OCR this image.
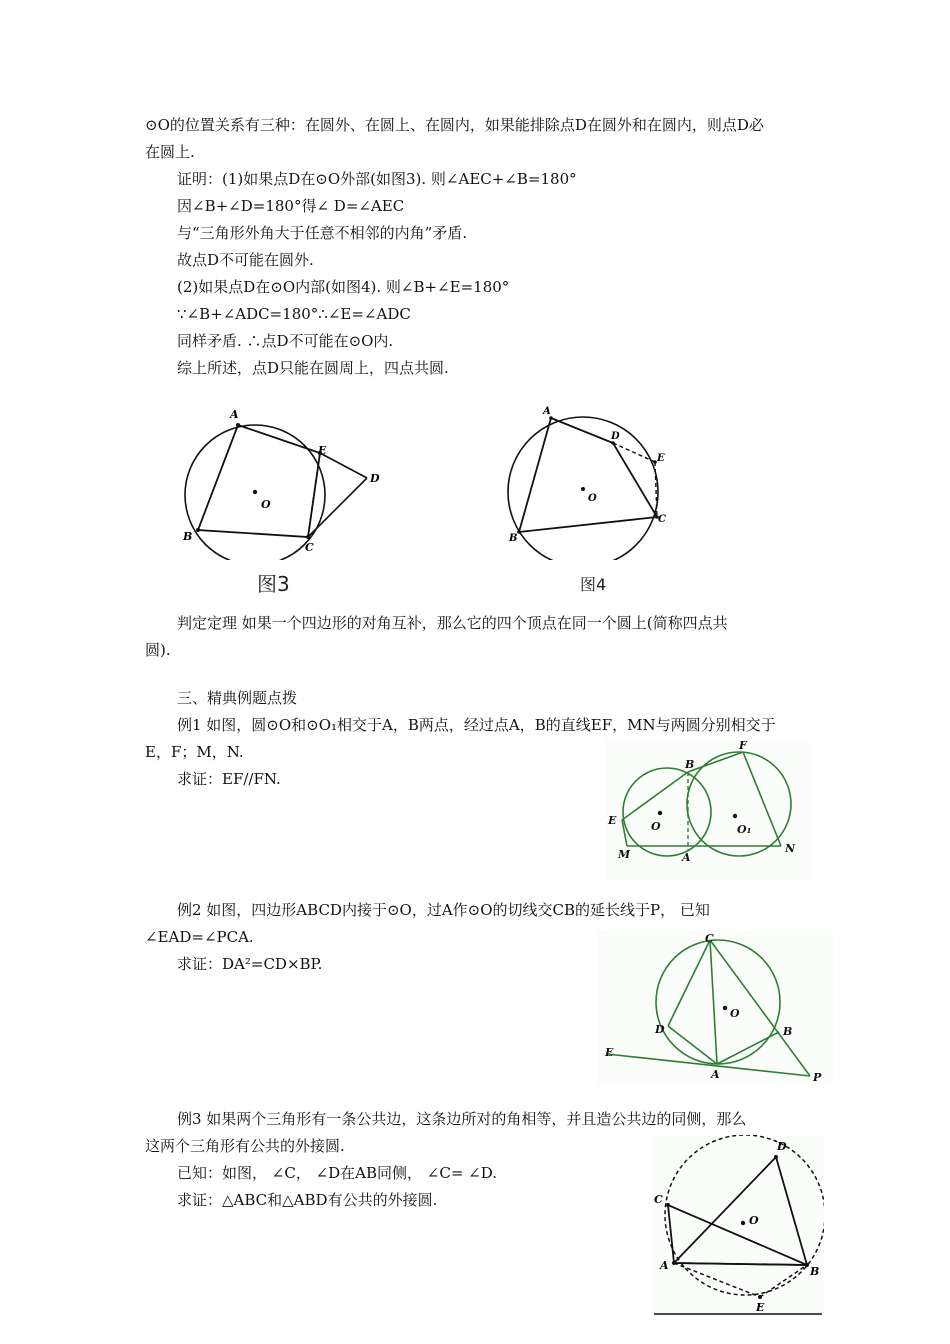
⊙O的位置关系有三种：在圆外、在圆上、在圆内，如果能排除点D在圆外和在圆内，则点D必
在圆上.
证明：(1)如果点D在⊙O外部(如图3). 则∠AEC+∠B=180°
因∠B+∠D=180°得∠ D=∠AEC
与“三角形外角大于任意不相邻的内角”矛盾.
故点D不可能在圆外.
(2)如果点D在⊙O内部(如图4). 则∠B+∠E=180°
∵∠B+∠ADC=180°∴∠E=∠ADC
同样矛盾. ∴点D不可能在⊙O内.
综上所述，点D只能在圆周上，四点共圆.
A
B
C
D
E
O
图3
A
B
C
D
E
O
图4
判定定理 如果一个四边形的对角互补，那么它的四个顶点在同一个圆上(简称四点共
圆).
三、精典例题点拨
例1 如图，圆⊙O和⊙O₁相交于A，B两点，经过点A，B的直线EF，MN与两圆分别相交于
E，F；M，N.
求证：EF//FN.
B
F
E
M	A
N
O	O₁
例2 如图，四边形ABCD内接于⊙O，过A作⊙O的切线交CB的延长线于P， 已知
∠EAD=∠PCA.
求证：DA²=CD×BP.
C
D	B
A
E
P
O
例3 如果两个三角形有一条公共边，这条边所对的角相等，并且造公共边的同侧，那么
这两个三角形有公共的外接圆.
已知：如图， ∠C， ∠D在AB同侧， ∠C= ∠D.
求证：△ABC和△ABD有公共的外接圆.
D
C
A	B
E
O
